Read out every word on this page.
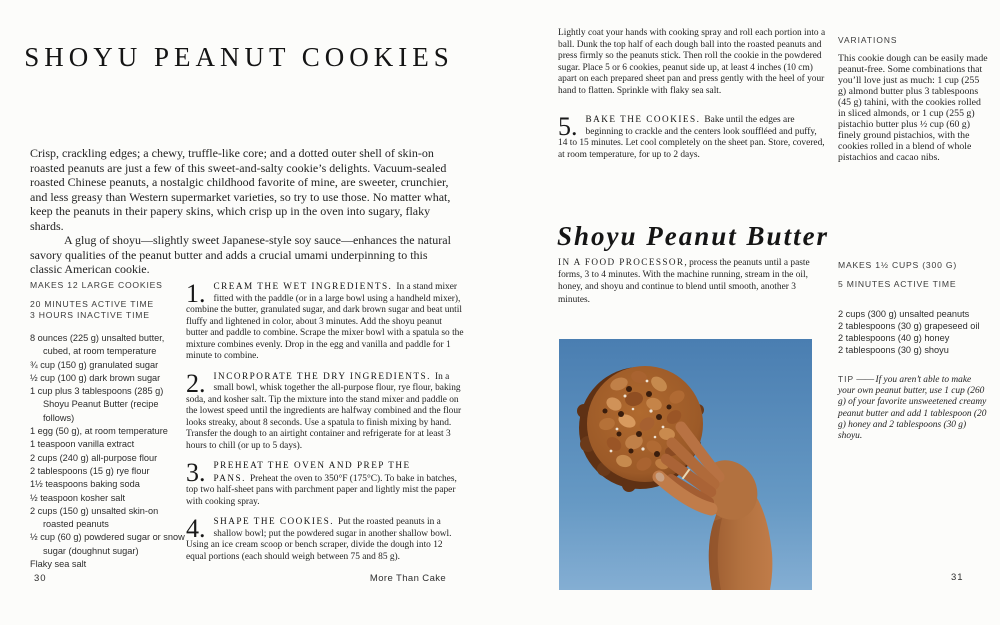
SHOYU PEANUT COOKIES

Crisp, crackling edges; a chewy, truffle-like core; and a dotted outer shell of skin-on roasted peanuts are just a few of this sweet-and-salty cookie’s delights. Vacuum-sealed roasted Chinese peanuts, a nostalgic childhood favorite of mine, are sweeter, crunchier, and less greasy than Western supermarket varieties, so try to use those. No matter what, keep the peanuts in their papery skins, which crisp up in the oven into sugary, flaky shards.

A glug of shoyu—slightly sweet Japanese-style soy sauce—enhances the natural savory qualities of the peanut butter and adds a crucial umami underpinning to this classic American cookie.

MAKES 12 LARGE COOKIES
20 MINUTES ACTIVE TIME
3 HOURS INACTIVE TIME
8 ounces (225 g) unsalted butter, cubed, at room temperature
¾ cup (150 g) granulated sugar
½ cup (100 g) dark brown sugar
1 cup plus 3 tablespoons (285 g) Shoyu Peanut Butter (recipe follows)
1 egg (50 g), at room temperature
1 teaspoon vanilla extract
2 cups (240 g) all-purpose flour
2 tablespoons (15 g) rye flour
1½ teaspoons baking soda
½ teaspoon kosher salt
2 cups (150 g) unsalted skin-on roasted peanuts
½ cup (60 g) powdered sugar or snow sugar (doughnut sugar)
Flaky sea salt
1. CREAM THE WET INGREDIENTS. In a stand mixer fitted with the paddle (or in a large bowl using a handheld mixer), combine the butter, granulated sugar, and dark brown sugar and beat until fluffy and lightened in color, about 3 minutes. Add the shoyu peanut butter and paddle to combine. Scrape the mixer bowl with a spatula so the mixture combines evenly. Drop in the egg and vanilla and paddle for 1 minute to combine.

2. INCORPORATE THE DRY INGREDIENTS. In a small bowl, whisk together the all-purpose flour, rye flour, baking soda, and kosher salt. Tip the mixture into the stand mixer and paddle on the lowest speed until the ingredients are halfway combined and the flour looks streaky, about 8 seconds. Use a spatula to finish mixing by hand. Transfer the dough to an airtight container and refrigerate for at least 3 hours to chill (or up to 5 days).

3. PREHEAT THE OVEN AND PREP THE PANS. Preheat the oven to 350°F (175°C). To bake in batches, top two half-sheet pans with parchment paper and lightly mist the paper with cooking spray.

4. SHAPE THE COOKIES. Put the roasted peanuts in a shallow bowl; put the powdered sugar in another shallow bowl. Using an ice cream scoop or bench scraper, divide the dough into 12 equal portions (each should weigh between 75 and 85 g).

30	More Than Cake

Lightly coat your hands with cooking spray and roll each portion into a ball. Dunk the top half of each dough ball into the roasted peanuts and press firmly so the peanuts stick. Then roll the cookie in the powdered sugar. Place 5 or 6 cookies, peanut side up, at least 4 inches (10 cm) apart on each prepared sheet pan and press gently with the heel of your hand to flatten. Sprinkle with flaky sea salt.

5. BAKE THE COOKIES. Bake until the edges are beginning to crackle and the centers look souffléed and puffy, 14 to 15 minutes. Let cool completely on the sheet pan. Store, covered, at room temperature, for up to 2 days.

Shoyu Peanut Butter

IN A FOOD PROCESSOR, process the peanuts until a paste forms, 3 to 4 minutes. With the machine running, stream in the oil, honey, and shoyu and continue to blend until smooth, another 3 minutes.

VARIATIONS
This cookie dough can be easily made peanut-free. Some combinations that you’ll love just as much: 1 cup (255 g) almond butter plus 3 tablespoons (45 g) tahini, with the cookies rolled in sliced almonds, or 1 cup (255 g) pistachio butter plus ½ cup (60 g) finely ground pistachios, with the cookies rolled in a blend of whole pistachios and cacao nibs.
MAKES 1½ CUPS (300 G)
5 MINUTES ACTIVE TIME
2 cups (300 g) unsalted peanuts
2 tablespoons (30 g) grapeseed oil
2 tablespoons (40 g) honey
2 tablespoons (30 g) shoyu
TIP —— If you aren’t able to make your own peanut butter, use 1 cup (260 g) of your favorite unsweetened creamy peanut butter and add 1 tablespoon (20 g) honey and 2 tablespoons (30 g) shoyu.
31
